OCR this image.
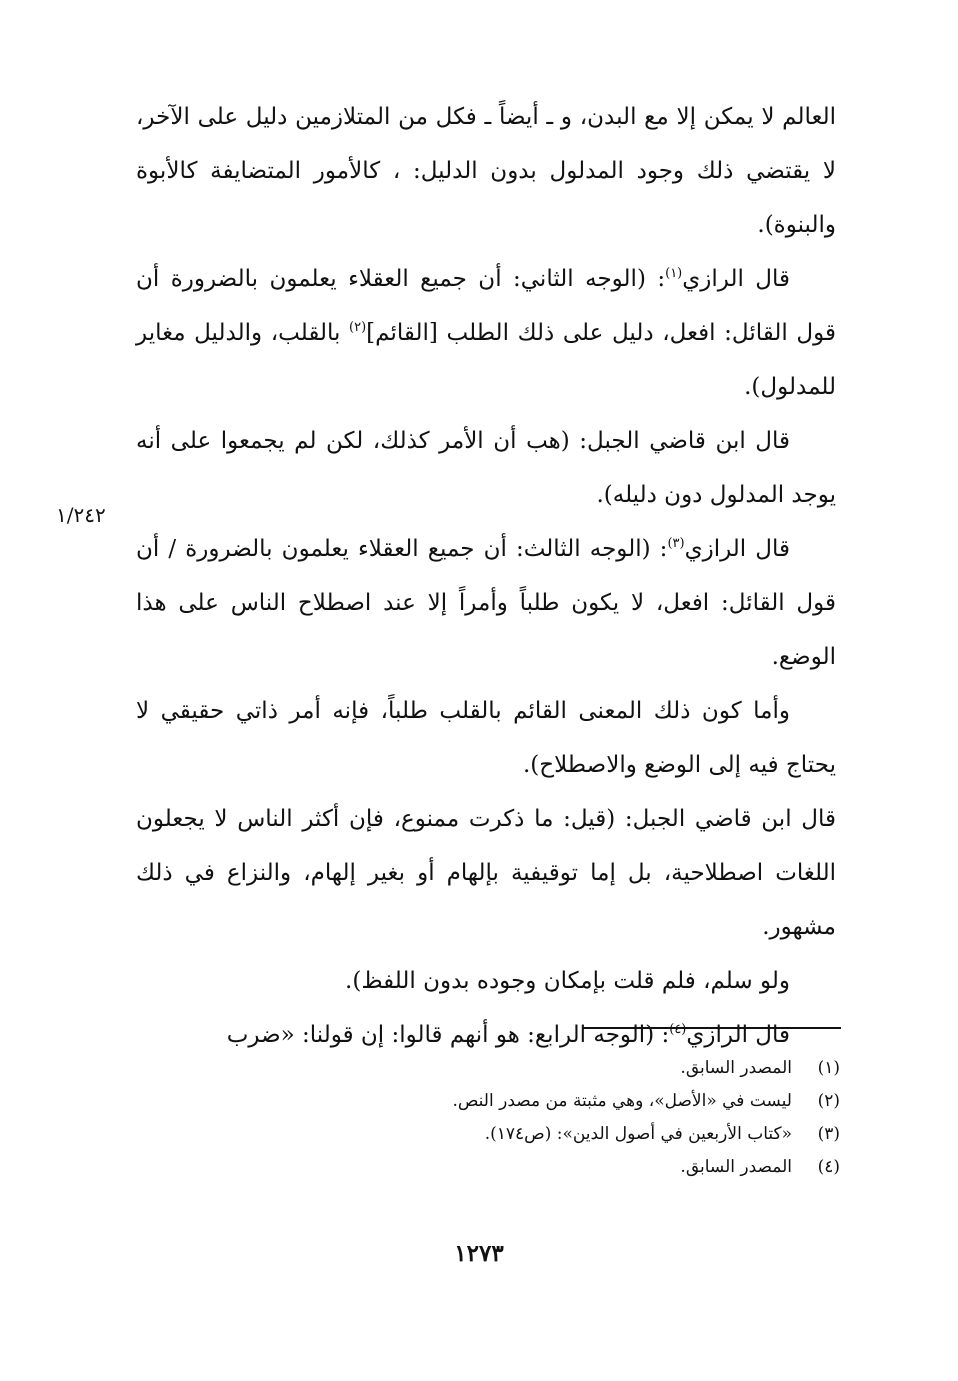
العالم لا يمكن إلا مع البدن، و ـ أيضاً ـ فكل من المتلازمين دليل على الآخر، لا يقتضي ذلك وجود المدلول بدون الدليل: ، كالأمور المتضايفة كالأبوة والبنوة).

قال الرازي$^{(١)}$: (الوجه الثاني: أن جميع العقلاء يعلمون بالضرورة أن قول القائل: افعل، دليل على ذلك الطلب [القائم]$^{(٢)}$ بالقلب، والدليل مغاير للمدلول).

قال ابن قاضي الجبل: (هب أن الأمر كذلك، لكن لم يجمعوا على أنه يوجد المدلول دون دليله).

قال الرازي$^{(٣)}$: (الوجه الثالث: أن جميع العقلاء يعلمون بالضرورة / أن قول القائل: افعل، لا يكون طلباً وأمراً إلا عند اصطلاح الناس على هذا الوضع.

وأما كون ذلك المعنى القائم بالقلب طلباً، فإنه أمر ذاتي حقيقي لا يحتاج فيه إلى الوضع والاصطلاح).

قال ابن قاضي الجبل: (قيل: ما ذكرت ممنوع، فإن أكثر الناس لا يجعلون اللغات اصطلاحية، بل إما توقيفية بإلهام أو بغير إلهام، والنزاع في ذلك مشهور.

ولو سلم، فلم قلت بإمكان وجوده بدون اللفظ).

قال الرازي$^{(٤)}$: (الوجه الرابع: هو أنهم قالوا: إن قولنا: «ضرب

١/٢٤٢
(١)
المصدر السابق.
(٢)
ليست في «الأصل»، وهي مثبتة من مصدر النص.
(٣)
«كتاب الأربعين في أصول الدين»: (ص١٧٤).
(٤)
المصدر السابق.
١٢٧٣
